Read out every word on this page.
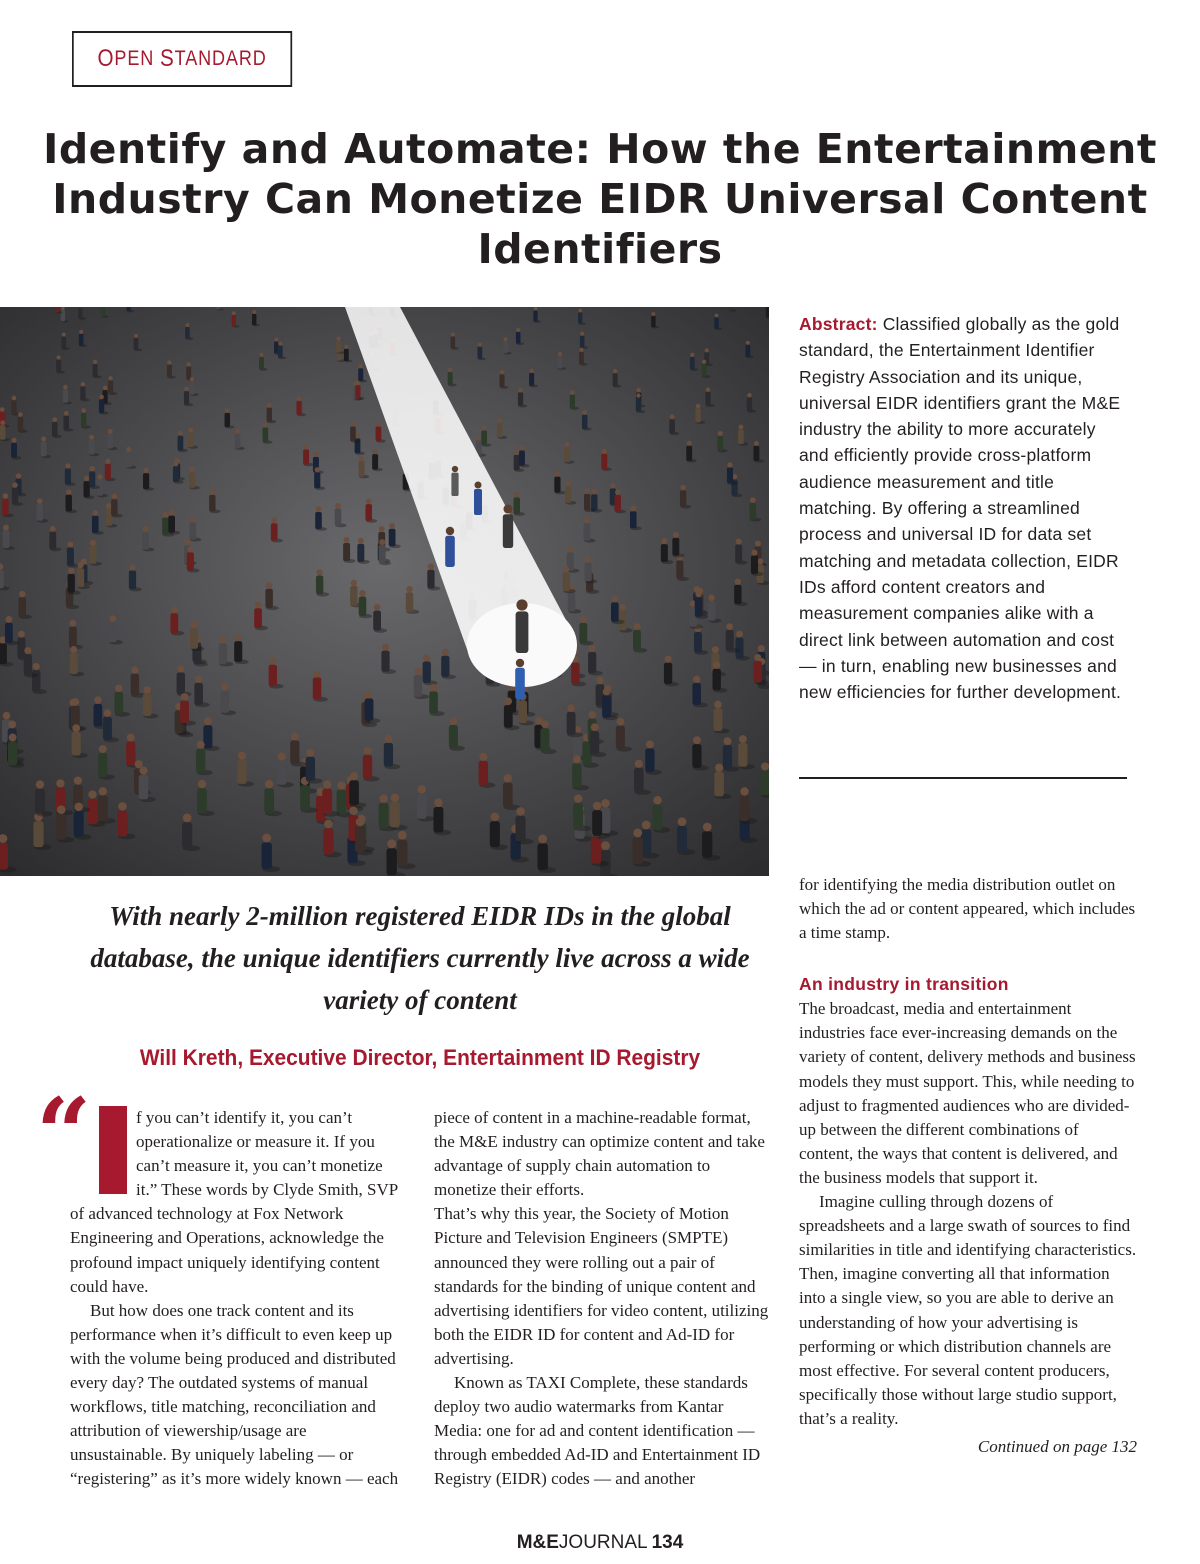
O PEN
S TANDARD
Identify and Automate: How the Entertainment Industry Can Monetize EIDR Universal Content Identifiers

Abstract: Classified globally as the gold standard, the Entertainment Identifier Registry Association and its unique, universal EIDR identifiers grant the M&E industry the ability to more accurately and efficiently provide cross-platform audience measurement and title matching. By offering a streamlined process and universal ID for data set matching and metadata collection, EIDR IDs afford content creators and measurement companies alike with a direct link between automation and cost — in turn, enabling new businesses and new efficiencies for further development.

With nearly 2-million registered EIDR IDs in the global database, the unique identifiers currently live across a wide variety of content

Will Kreth, Executive Director, Entertainment ID Registry
“	f you can’t identify it, you can’t operationalize or measure it. If you can’t measure it, you can’t monetize it.” These words by Clyde Smith, SVP of advanced technology at Fox Network Engineering and Operations, acknowledge the profound impact uniquely identifying content could have.

But how does one track content and its performance when it’s difficult to even keep up with the volume being produced and distributed every day? The outdated systems of manual workflows, title matching, reconciliation and attribution of viewership/usage are unsustainable. By uniquely labeling — or “registering” as it’s more widely known — each

piece of content in a machine-readable format, the M&E industry can optimize content and take advantage of supply chain automation to monetize their efforts.

That’s why this year, the Society of Motion Picture and Television Engineers (SMPTE) announced they were rolling out a pair of standards for the binding of unique content and advertising identifiers for video content, utilizing both the EIDR ID for content and Ad-ID for advertising.

Known as TAXI Complete, these standards deploy two audio watermarks from Kantar Media: one for ad and content identification — through embedded Ad-ID and Entertainment ID Registry (EIDR) codes — and another

for identifying the media distribution outlet on which the ad or content appeared, which includes a time stamp.

An industry in transition

The broadcast, media and entertainment industries face ever-increasing demands on the variety of content, delivery methods and business models they must support. This, while needing to adjust to fragmented audiences who are divided-up between the different combinations of content, the ways that content is delivered, and the business models that support it.

Imagine culling through dozens of spreadsheets and a large swath of sources to find similarities in title and identifying characteristics. Then, imagine converting all that information into a single view, so you are able to derive an understanding of how your advertising is performing or which distribution channels are most effective. For several content producers, specifically those without large studio support, that’s a reality.

Continued on page 132

M&EJOURNAL 134
